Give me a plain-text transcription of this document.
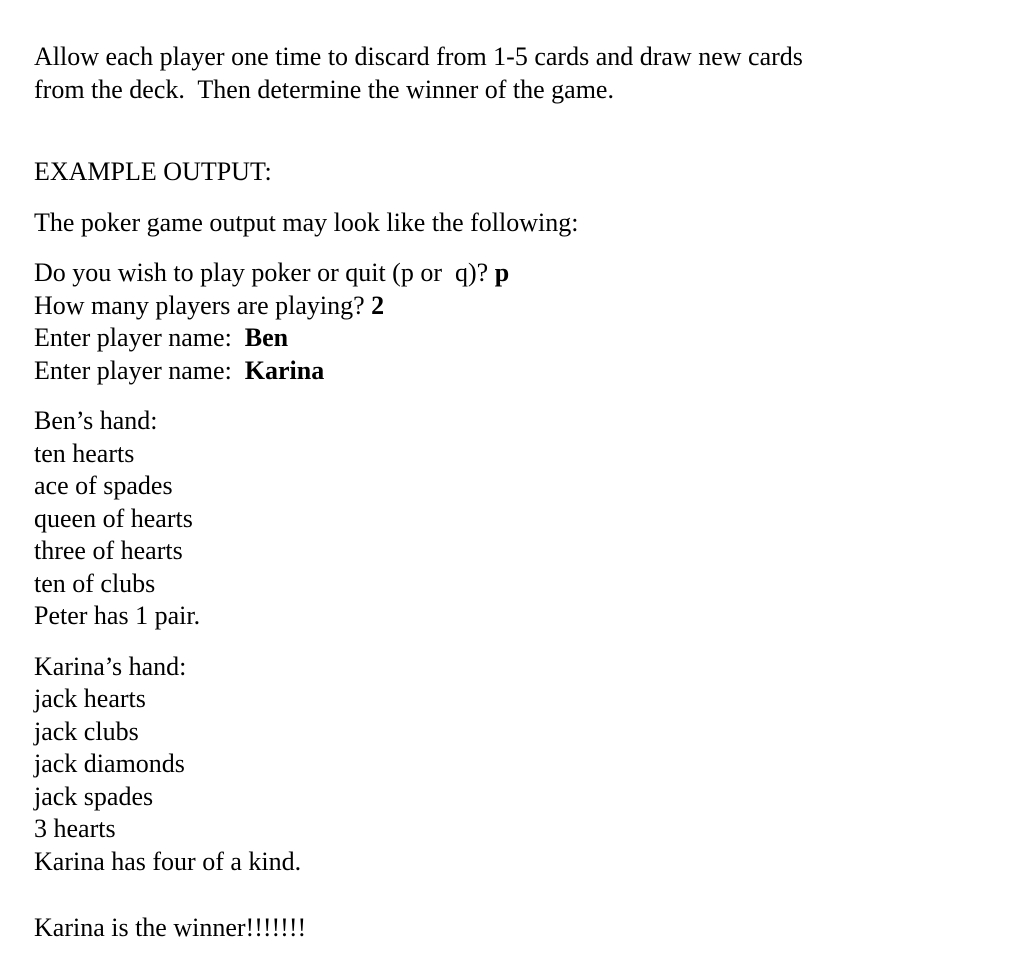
Allow each player one time to discard from 1-5 cards and draw new cards

from the deck.  Then determine the winner of the game.

EXAMPLE OUTPUT:

The poker game output may look like the following:

Do you wish to play poker or quit (p or  q)? p

How many players are playing? 2

Enter player name:  Ben

Enter player name:  Karina

Ben’s hand:

ten hearts

ace of spades

queen of hearts

three of hearts

ten of clubs

Peter has 1 pair.

Karina’s hand:

jack hearts

jack clubs

jack diamonds

jack spades

3 hearts

Karina has four of a kind.

Karina is the winner!!!!!!!
